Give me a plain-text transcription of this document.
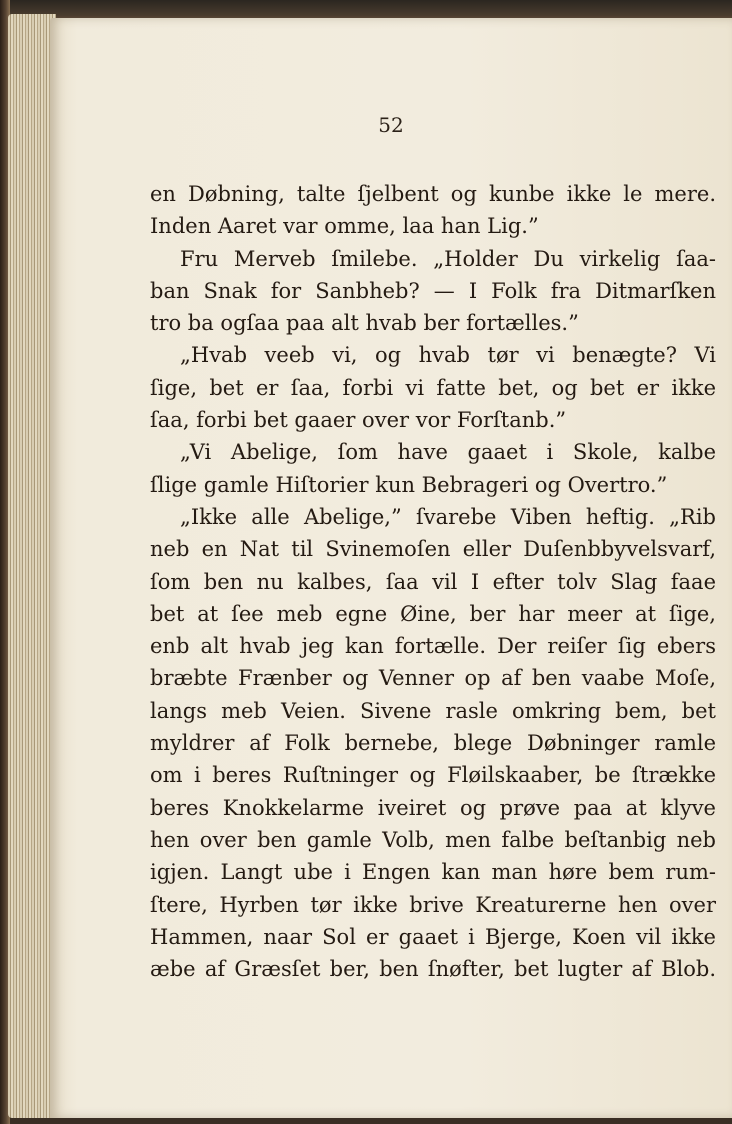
52
en Døbning, talte ſjelbent og kunbe ikke le mere.
Inden Aaret var omme, laa han Lig.”
Fru Merveb ſmilebe. „Holder Du virkelig ſaa‑
ban Snak for Sanbheb? — I Folk fra Ditmarſken
tro ba ogſaa paa alt hvab ber fortælles.”
„Hvab veeb vi, og hvab tør vi benægte? Vi
ſige, bet er ſaa, forbi vi fatte bet, og bet er ikke
ſaa, forbi bet gaaer over vor Forſtanb.”
„Vi Abelige, ſom have gaaet i Skole, kalbe
ſlige gamle Hiſtorier kun Bebrageri og Overtro.”
„Ikke alle Abelige,” ſvarebe Viben heftig. „Rib
neb en Nat til Svinemoſen eller Duſenbbyvelsvarf,
ſom ben nu kalbes, ſaa vil I efter tolv Slag faae
bet at ſee meb egne Øine, ber har meer at ſige,
enb alt hvab jeg kan fortælle. Der reiſer ſig ebers
bræbte Frænber og Venner op af ben vaabe Moſe,
langs meb Veien. Sivene rasle omkring bem, bet
myldrer af Folk bernebe, blege Døbninger ramle
om i beres Ruſtninger og Fløilskaaber, be ſtrække
beres Knokkelarme iveiret og prøve paa at klyve
hen over ben gamle Volb, men falbe beſtanbig neb
igjen. Langt ube i Engen kan man høre bem rum‑
ſtere, Hyrben tør ikke brive Kreaturerne hen over
Hammen, naar Sol er gaaet i Bjerge, Koen vil ikke
æbe af Græsſet ber, ben ſnøfter, bet lugter af Blob.
